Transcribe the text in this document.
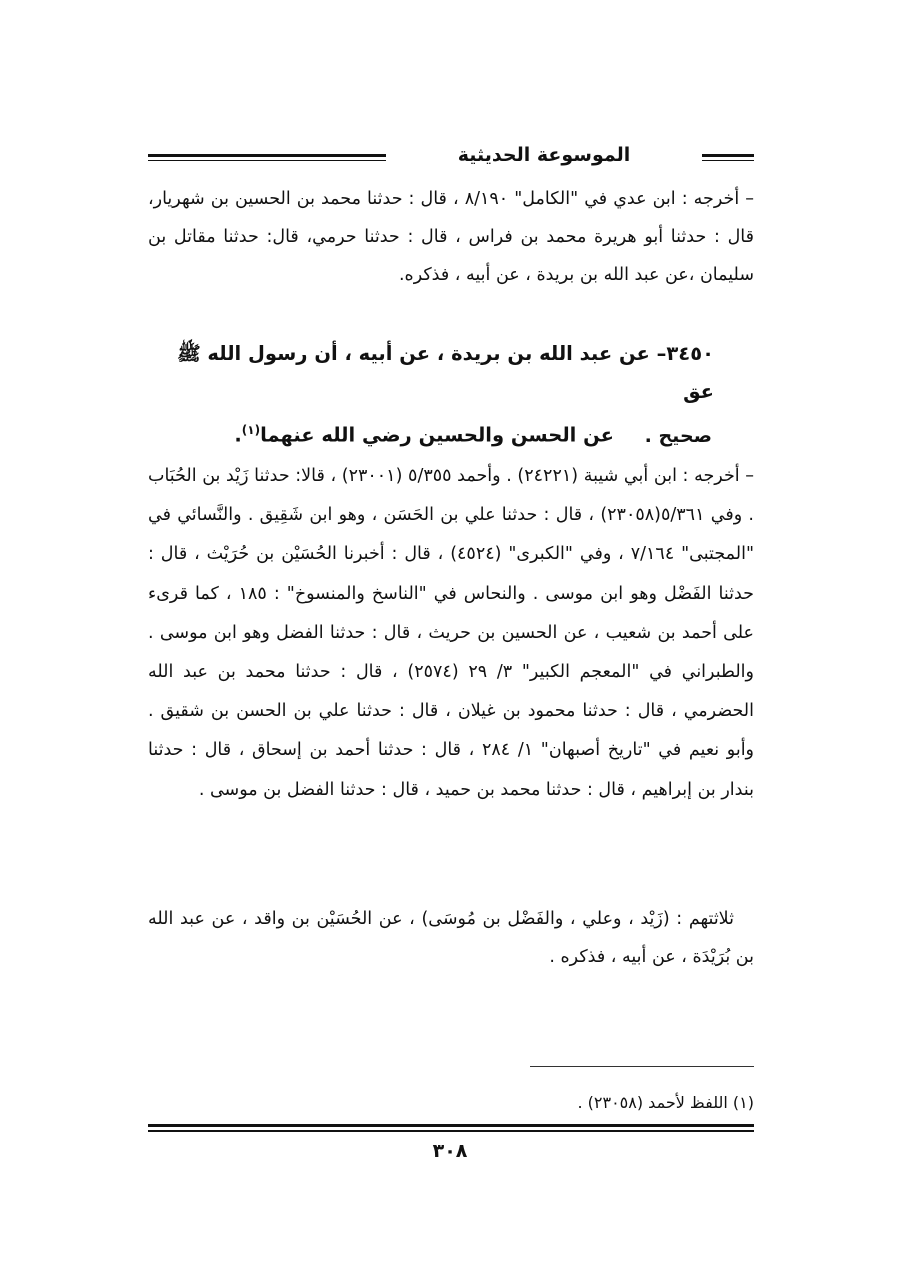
الموسوعة الحديثية
– أخرجه : ابن عدي في "الكامل" ٨/١٩٠ ، قال : حدثنا محمد بن الحسين بن شهريار، قال : حدثنا أبو هريرة محمد بن فراس ، قال : حدثنا حرمي، قال: حدثنا مقاتل بن سليمان ،عن عبد الله بن بريدة ، عن أبيه ، فذكره.
٣٤٥٠– عن عبد الله بن بريدة ، عن أبيه ، أن رسول الله ﷺ عق
عن الحسن والحسين رضي الله عنهما$^{(١)}$.	صحيح .
– أخرجه : ابن أبي شيبة (٢٤٢٢١) . وأحمد ٥/٣٥٥ (٢٣٠٠١) ، قالا: حدثنا زَيْد بن الحُبَاب . وفي ٥/٣٦١(٢٣٠٥٨) ، قال : حدثنا علي بن الحَسَن ، وهو ابن شَقِيق . والنَّسائي في "المجتبى" ٧/١٦٤ ، وفي "الكبرى" (٤٥٢٤) ، قال : أخبرنا الحُسَيْن بن حُرَيْث ، قال : حدثنا الفَضْل وهو ابن موسى . والنحاس في "الناسخ والمنسوخ" : ١٨٥ ، كما قرىء على أحمد بن شعيب ، عن الحسين بن حريث ، قال : حدثنا الفضل وهو ابن موسى . والطبراني في "المعجم الكبير" ٣/ ٢٩ (٢٥٧٤) ، قال : حدثنا محمد بن عبد الله الحضرمي ، قال : حدثنا محمود بن غيلان ، قال : حدثنا علي بن الحسن بن شقيق . وأبو نعيم في "تاريخ أصبهان" ١/ ٢٨٤ ، قال : حدثنا أحمد بن إسحاق ، قال : حدثنا بندار بن إبراهيم ، قال : حدثنا محمد بن حميد ، قال : حدثنا الفضل بن موسى .
ثلاثتهم : (زَيْد ، وعلي ، والفَضْل بن مُوسَى) ، عن الحُسَيْن بن واقد ، عن عبد الله بن بُرَيْدَة ، عن أبيه ، فذكره .
(١) اللفظ لأحمد (٢٣٠٥٨) .
٣٠٨
